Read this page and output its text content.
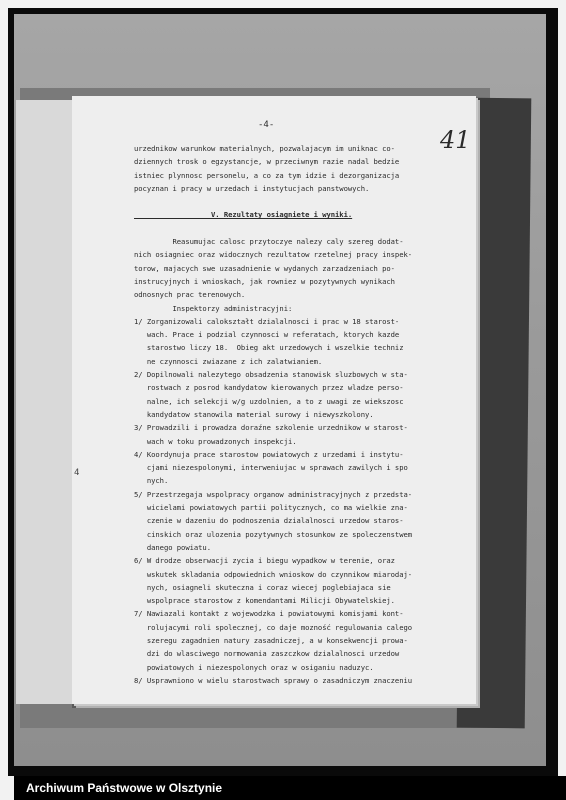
-4-
41
4
urzednikow warunkow materialnych, pozwalajacym im uniknac co-
dziennych trosk o egzystancje, w przeciwnym razie nadal bedzie
istniec plynnosc personelu, a co za tym idzie i dezorganizacja
pocyznan i pracy w urzedach i instytucjach panstwowych.
V. Rezultaty osiagniete i wyniki.
Reasumujac calosc przytoczye nalezy caly szereg dodat-
nich osiagniec oraz widocznych rezultatow rzetelnej pracy inspek-
torow, majacych swe uzasadnienie w wydanych zarzadzeniach po-
instrucyjnych i wnioskach, jak rowniez w pozytywnych wynikach
odnosnych prac terenowych.
Inspektorzy administracyjni:
1/ Zorganizowali calokształt dzialalnosci i prac w 18 starost-
wach. Prace i podzial czynnosci w referatach, ktorych kazde
starostwo liczy 18.  Obieg akt urzedowych i wszelkie techniz
ne czynnosci zwiazane z ich zalatwianiem.
2/ Dopilnowali nalezytego obsadzenia stanowisk sluzbowych w sta-
rostwach z posrod kandydatow kierowanych przez wladze perso-
nalne, ich selekcji w/g uzdolnien, a to z uwagi ze wiekszosc
kandydatow stanowila material surowy i niewyszkolony.
3/ Prowadzili i prowadza doraźne szkolenie urzednikow w starost-
wach w toku prowadzonych inspekcji.
4/ Koordynuja prace starostow powiatowych z urzedami i instytu-
cjami niezespolonymi, interweniujac w sprawach zawilych i spo
nych.
5/ Przestrzegaja wspolpracy organow administracyjnych z przedsta-
wicielami powiatowych partii politycznych, co ma wielkie zna-
czenie w dazeniu do podnoszenia dzialalnosci urzedow staros-
cinskich oraz ulozenia pozytywnych stosunkow ze spoleczenstwem
danego powiatu.
6/ W drodze obserwacji zycia i biegu wypadkow w terenie, oraz
wskutek skladania odpowiednich wnioskow do czynnikow miarodaj-
nych, osiagneli skuteczna i coraz wiecej poglebiajaca sie
wspolprace starostow z komendantami Milicji Obywatelskiej.
7/ Nawiazali kontakt z wojewodzka i powiatowymi komisjami kont-
rolujacymi roli spolecznej, co daje mozność regulowania calego
szeregu zagadnien natury zasadniczej, a w konsekwencji prowa-
dzi do wlasciwego normowania zaszczkow dzialalnosci urzedow
powiatowych i niezespolonych oraz w osiganiu naduzyc.
8/ Usprawniono w wielu starostwach sprawy o zasadniczym znaczeniu
Archiwum Państwowe w Olsztynie
